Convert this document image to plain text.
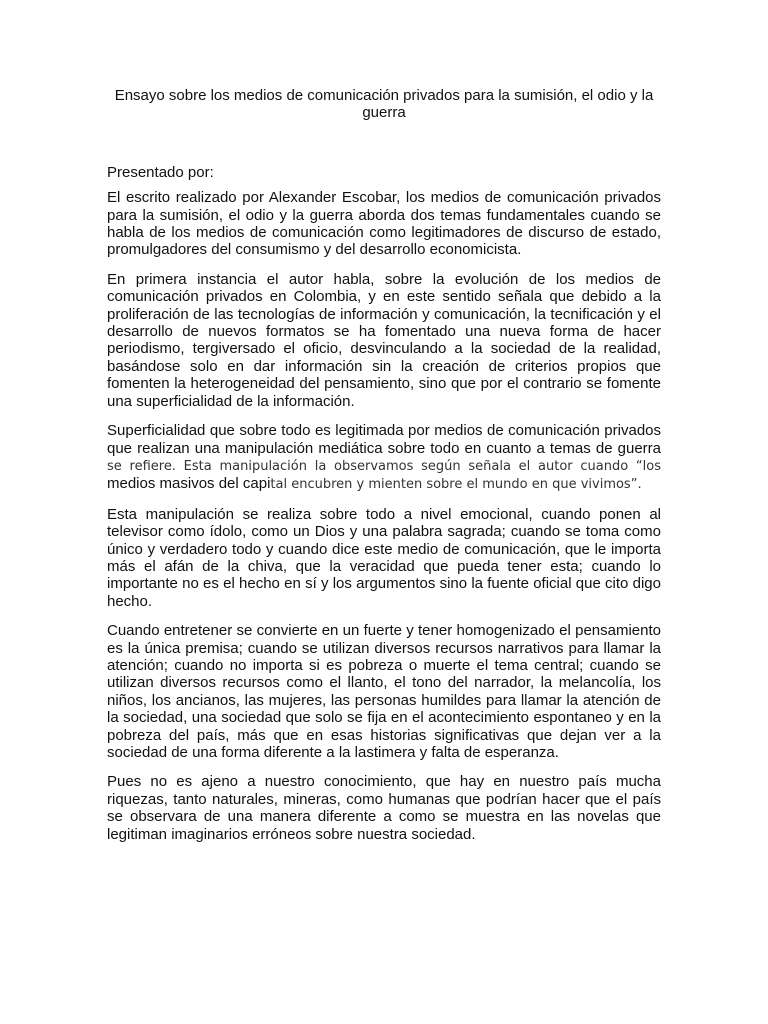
Ensayo sobre los medios de comunicación privados para la sumisión, el odio y la guerra

Presentado por:

El escrito realizado por Alexander Escobar, los medios de comunicación privados para la sumisión, el odio y la guerra aborda dos temas fundamentales cuando se habla de los medios de comunicación como legitimadores de discurso de estado, promulgadores del consumismo y del desarrollo economicista.

En primera instancia el autor habla, sobre la evolución de los medios de comunicación privados en Colombia, y en este sentido señala que debido a la proliferación de las tecnologías de información y comunicación, la tecnificación y el desarrollo de nuevos formatos se ha fomentado una nueva forma de hacer periodismo, tergiversado el oficio, desvinculando a la sociedad de la realidad, basándose solo en dar información sin la creación de criterios propios que fomenten la heterogeneidad del pensamiento, sino que por el contrario se fomente una superficialidad de la información.

Superficialidad que sobre todo es legitimada por medios de comunicación privados que realizan una manipulación mediática sobre todo en cuanto a temas de guerra se refiere. Esta manipulación la observamos según señala el autor cuando “los medios masivos del capital encubren y mienten sobre el mundo en que vivimos”.

Esta manipulación se realiza sobre todo a nivel emocional, cuando ponen al televisor como ídolo, como un Dios y una palabra sagrada; cuando se toma como único y verdadero todo y cuando dice este medio de comunicación, que le importa más el afán de la chiva, que la veracidad que pueda tener esta; cuando lo importante no es el hecho en sí y los argumentos sino la fuente oficial que cito digo hecho.

Cuando entretener se convierte en un fuerte y tener homogenizado el pensamiento es la única premisa; cuando se utilizan diversos recursos narrativos para llamar la atención; cuando no importa si es pobreza o muerte el tema central; cuando se utilizan diversos recursos como el llanto, el tono del narrador, la melancolía, los niños, los ancianos, las mujeres, las personas humildes para llamar la atención de la sociedad, una sociedad que solo se fija en el acontecimiento espontaneo y en la pobreza del país, más que en esas historias significativas que dejan ver a la sociedad de una forma diferente a la lastimera y falta de esperanza.

Pues no es ajeno a nuestro conocimiento, que hay en nuestro país mucha riquezas, tanto naturales, mineras, como humanas que podrían hacer que el país se observara de una manera diferente a como se muestra en las novelas que legitiman imaginarios erróneos sobre nuestra sociedad.
